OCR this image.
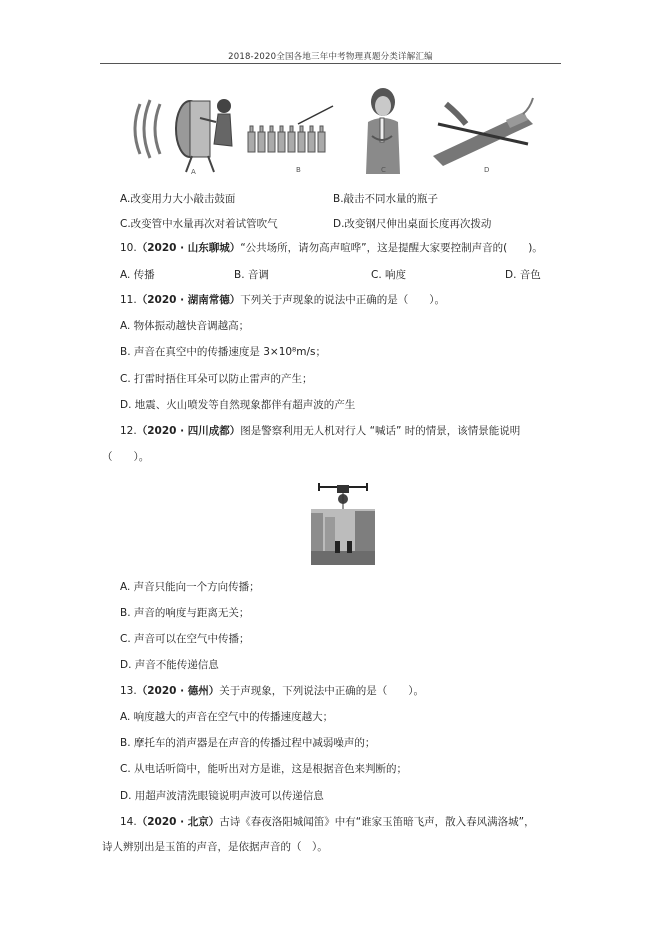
2018-2020全国各地三年中考物理真题分类详解汇编
A	B	C	D
A.改变用力大小敲击鼓面	B.敲击不同水量的瓶子
C.改变管中水量再次对着试管吹气	D.改变钢尺伸出桌面长度再次拨动
10.（2020 · 山东聊城）“公共场所，请勿高声喧哗”，这是提醒大家要控制声音的(　　)。
A. 传播	B. 音调	C. 响度	D. 音色
11.（2020 · 湖南常德）下列关于声现象的说法中正确的是（　　）。
A. 物体振动越快音调越高；
B. 声音在真空中的传播速度是 3×10⁸m/s；
C. 打雷时捂住耳朵可以防止雷声的产生；
D. 地震、火山喷发等自然现象都伴有超声波的产生
12.（2020 · 四川成都）图是警察利用无人机对行人 “喊话” 时的情景，该情景能说明
（　　）。
A. 声音只能向一个方向传播；
B. 声音的响度与距离无关；
C. 声音可以在空气中传播；
D. 声音不能传递信息
13.（2020 · 德州）关于声现象，下列说法中正确的是（　　）。
A. 响度越大的声音在空气中的传播速度越大；
B. 摩托车的消声器是在声音的传播过程中减弱噪声的；
C. 从电话听筒中，能听出对方是谁，这是根据音色来判断的；
D. 用超声波清洗眼镜说明声波可以传递信息
14.（2020 · 北京）古诗《春夜洛阳城闻笛》中有“谁家玉笛暗飞声，散入春风满洛城”，
诗人辨别出是玉笛的声音，是依据声音的（　）。
